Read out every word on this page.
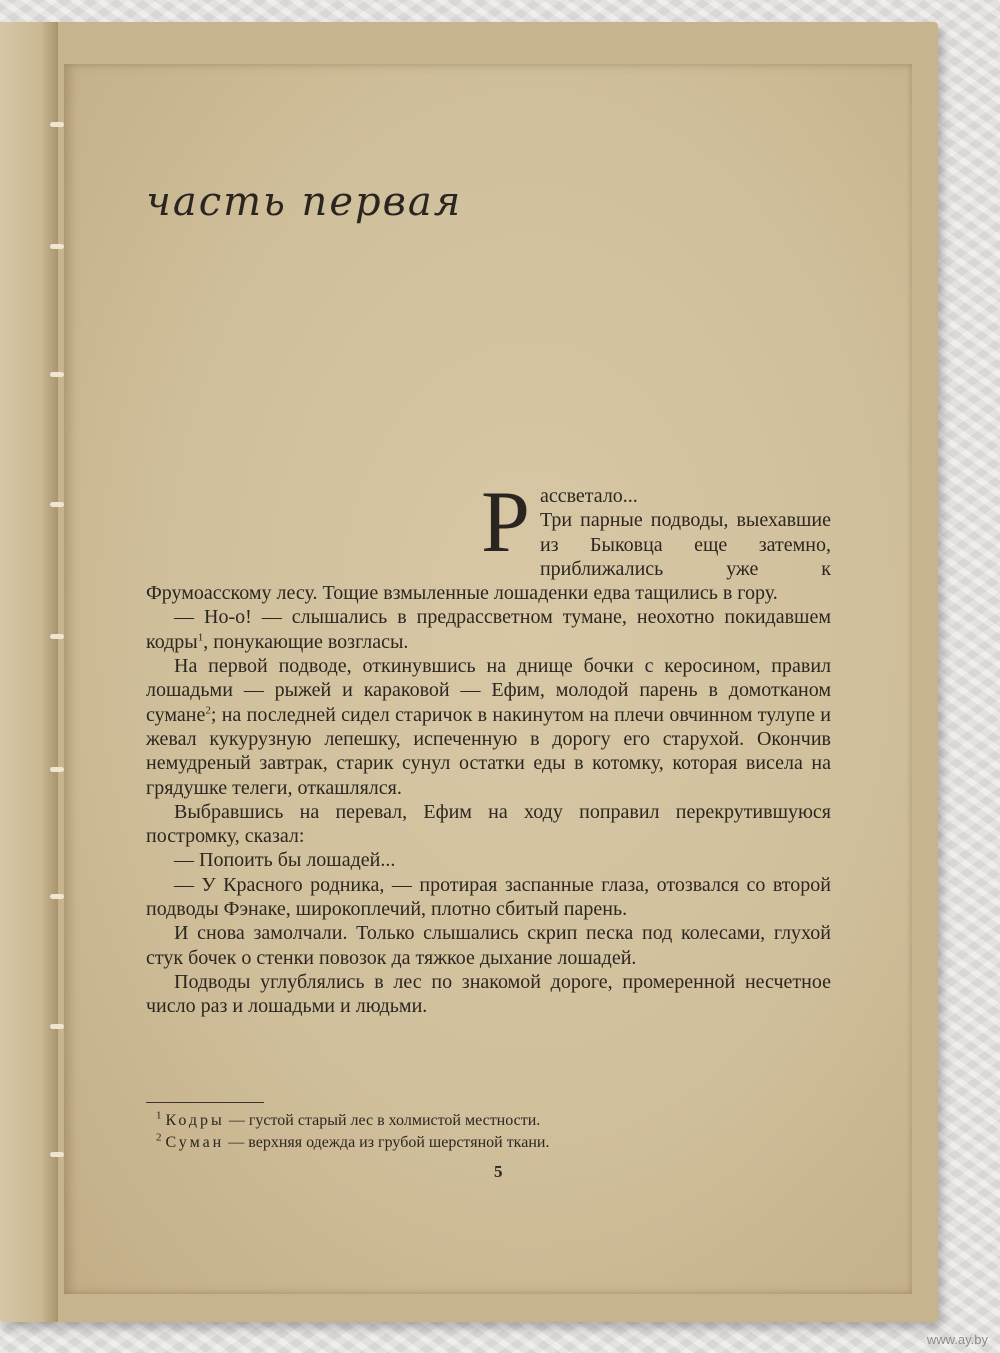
часть первая
Р ассветало...

Три парные подводы, выехавшие из Быковца еще затемно, приближались уже к Фрумоасскому лесу. Тощие взмыленные лошаденки едва тащились в гору.

— Но-о! — слышались в предрассветном тумане, неохотно покидавшем кодры$^1$, понукающие возгласы.

На первой подводе, откинувшись на днище бочки с керосином, правил лошадьми — рыжей и караковой — Ефим, молодой парень в домотканом сумане$^2$; на последней сидел старичок в накинутом на плечи овчинном тулупе и жевал кукурузную лепешку, испеченную в дорогу его старухой. Окончив немудреный завтрак, старик сунул остатки еды в котомку, которая висела на грядушке телеги, откашлялся.

Выбравшись на перевал, Ефим на ходу поправил перекрутившуюся постромку, сказал:

— Попоить бы лошадей...

— У Красного родника, — протирая заспанные глаза, отозвался со второй подводы Фэнаке, широкоплечий, плотно сбитый парень.

И снова замолчали. Только слышались скрип песка под колесами, глухой стук бочек о стенки повозок да тяжкое дыхание лошадей.

Подводы углублялись в лес по знакомой дороге, промеренной несчетное число раз и лошадьми и людьми.

$^1$ Кодры — густой старый лес в холмистой местности.

$^2$ Суман — верхняя одежда из грубой шерстяной ткани.

5
www.ay.by
